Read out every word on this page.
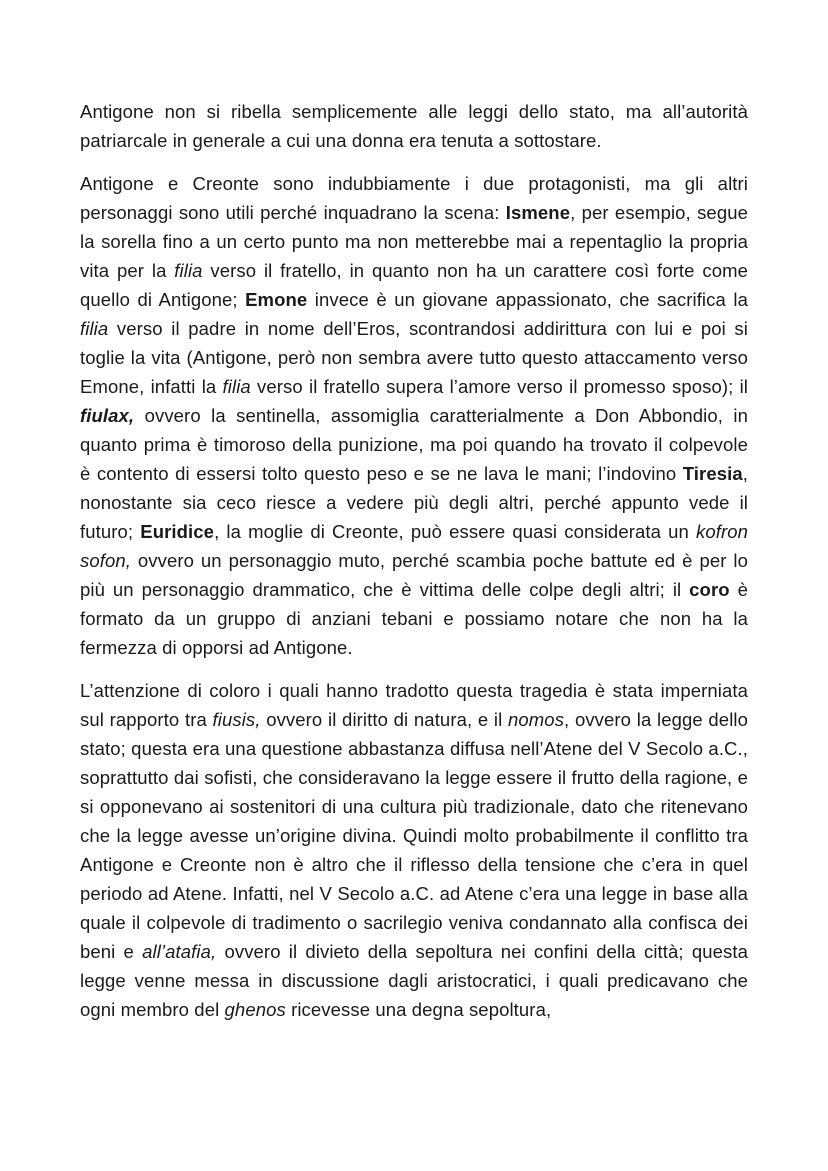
Antigone non si ribella semplicemente alle leggi dello stato, ma all’autorità patriarcale in generale a cui una donna era tenuta a sottostare.

Antigone e Creonte sono indubbiamente i due protagonisti, ma gli altri personaggi sono utili perché inquadrano la scena: Ismene, per esempio, segue la sorella fino a un certo punto ma non metterebbe mai a repentaglio la propria vita per la filia verso il fratello, in quanto non ha un carattere così forte come quello di Antigone; Emone invece è un giovane appassionato, che sacrifica la filia verso il padre in nome dell’Eros, scontrandosi addirittura con lui e poi si toglie la vita (Antigone, però non sembra avere tutto questo attaccamento verso Emone, infatti la filia verso il fratello supera l’amore verso il promesso sposo); il fiulax, ovvero la sentinella, assomiglia caratterialmente a Don Abbondio, in quanto prima è timoroso della punizione, ma poi quando ha trovato il colpevole è contento di essersi tolto questo peso e se ne lava le mani; l’indovino Tiresia, nonostante sia ceco riesce a vedere più degli altri, perché appunto vede il futuro; Euridice, la moglie di Creonte, può essere quasi considerata un kofron sofon, ovvero un personaggio muto, perché scambia poche battute ed è per lo più un personaggio drammatico, che è vittima delle colpe degli altri; il coro è formato da un gruppo di anziani tebani e possiamo notare che non ha la fermezza di opporsi ad Antigone.

L’attenzione di coloro i quali hanno tradotto questa tragedia è stata imperniata sul rapporto tra fiusis, ovvero il diritto di natura, e il nomos, ovvero la legge dello stato; questa era una questione abbastanza diffusa nell’Atene del V Secolo a.C., soprattutto dai sofisti, che consideravano la legge essere il frutto della ragione, e si opponevano ai sostenitori di una cultura più tradizionale, dato che ritenevano che la legge avesse un’origine divina. Quindi molto probabilmente il conflitto tra Antigone e Creonte non è altro che il riflesso della tensione che c’era in quel periodo ad Atene. Infatti, nel V Secolo a.C. ad Atene c’era una legge in base alla quale il colpevole di tradimento o sacrilegio veniva condannato alla confisca dei beni e all’atafia, ovvero il divieto della sepoltura nei confini della città; questa legge venne messa in discussione dagli aristocratici, i quali predicavano che ogni membro del ghenos ricevesse una degna sepoltura,
